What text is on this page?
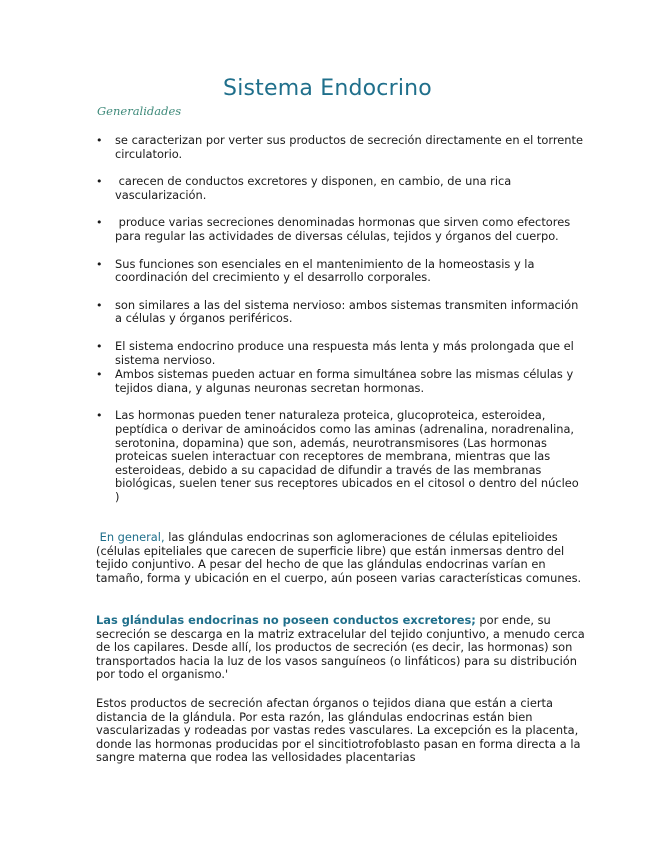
Sistema Endocrino
Generalidades
• se caracterizan por verter sus productos de secreción directamente en el torrente circulatorio.
• carecen de conductos excretores y disponen, en cambio, de una rica vascularización.
• produce varias secreciones denominadas hormonas que sirven como efectores para regular las actividades de diversas células, tejidos y órganos del cuerpo.
• Sus funciones son esenciales en el mantenimiento de la homeostasis y la coordinación del crecimiento y el desarrollo corporales.
• son similares a las del sistema nervioso: ambos sistemas transmiten información a células y órganos periféricos.
• El sistema endocrino produce una respuesta más lenta y más prolongada que el sistema nervioso.
• Ambos sistemas pueden actuar en forma simultánea sobre las mismas células y tejidos diana, y algunas neuronas secretan hormonas.
• Las hormonas pueden tener naturaleza proteica, glucoproteica, esteroidea, peptídica o derivar de aminoácidos como las aminas (adrenalina, noradrenalina, serotonina, dopamina) que son, además, neurotransmisores (Las hormonas proteicas suelen interactuar con receptores de membrana, mientras que las esteroideas, debido a su capacidad de difundir a través de las membranas biológicas, suelen tener sus receptores ubicados en el citosol o dentro del núcleo )

En general, las glándulas endocrinas son aglomeraciones de células epitelioides (células epiteliales que carecen de superficie libre) que están inmersas dentro del tejido conjuntivo. A pesar del hecho de que las glándulas endocrinas varían en tamaño, forma y ubicación en el cuerpo, aún poseen varias características comunes.

Las glándulas endocrinas no poseen conductos excretores; por ende, su secreción se descarga en la matriz extracelular del tejido conjuntivo, a menudo cerca de los capilares. Desde allí, los productos de secreción (es decir, las hormonas) son transportados hacia la luz de los vasos sanguíneos (o linfáticos) para su distribución por todo el organismo.'

Estos productos de secreción afectan órganos o tejidos diana que están a cierta distancia de la glándula. Por esta razón, las glándulas endocrinas están bien vascularizadas y rodeadas por vastas redes vasculares. La excepción es la placenta, donde las hormonas producidas por el sincitiotrofoblasto pasan en forma directa a la sangre materna que rodea las vellosidades placentarias
